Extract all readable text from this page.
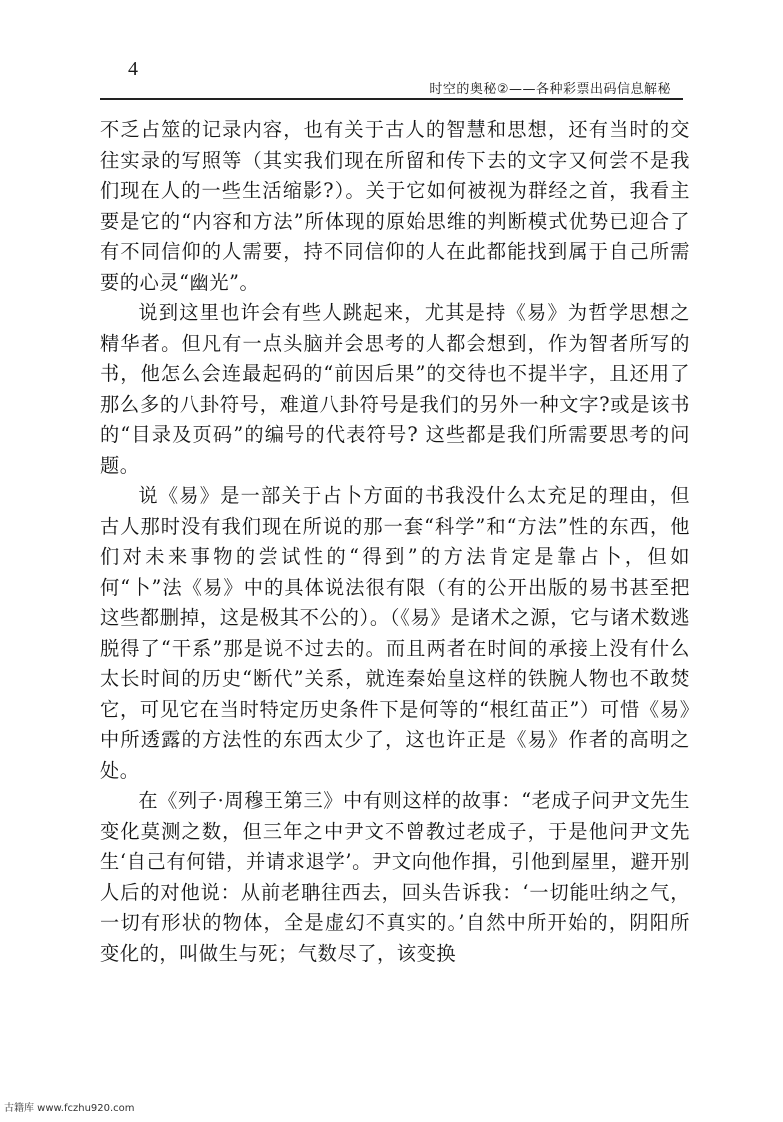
4
时空的奥秘②——各种彩票出码信息解秘

不乏占筮的记录内容，也有关于古人的智慧和思想，还有当时的交往实录的写照等（其实我们现在所留和传下去的文字又何尝不是我们现在人的一些生活缩影?）。关于它如何被视为群经之首，我看主要是它的“内容和方法”所体现的原始思维的判断模式优势已迎合了有不同信仰的人需要，持不同信仰的人在此都能找到属于自己所需要的心灵“幽光”。

说到这里也许会有些人跳起来，尤其是持《易》为哲学思想之精华者。但凡有一点头脑并会思考的人都会想到，作为智者所写的书，他怎么会连最起码的“前因后果”的交待也不提半字，且还用了那么多的八卦符号，难道八卦符号是我们的另外一种文字?或是该书的“目录及页码”的编号的代表符号? 这些都是我们所需要思考的问题。

说《易》是一部关于占卜方面的书我没什么太充足的理由，但古人那时没有我们现在所说的那一套“科学”和“方法”性的东西，他们对未来事物的尝试性的“得到”的方法肯定是靠占卜，但如何“卜”法《易》中的具体说法很有限（有的公开出版的易书甚至把这些都删掉，这是极其不公的）。（《易》是诸术之源，它与诸术数逃脱得了“干系”那是说不过去的。而且两者在时间的承接上没有什么太长时间的历史“断代”关系，就连秦始皇这样的铁腕人物也不敢焚它，可见它在当时特定历史条件下是何等的“根红苗正”）可惜《易》中所透露的方法性的东西太少了，这也许正是《易》作者的高明之处。

在《列子·周穆王第三》中有则这样的故事：“老成子问尹文先生变化莫测之数，但三年之中尹文不曾教过老成子，于是他问尹文先生‘自己有何错，并请求退学’。尹文向他作揖，引他到屋里，避开别人后的对他说：从前老聃往西去，回头告诉我：‘一切能吐纳之气，一切有形状的物体，全是虚幻不真实的。’自然中所开始的，阴阳所变化的，叫做生与死；气数尽了，该变换

古籍库 www.fczhu920.com
